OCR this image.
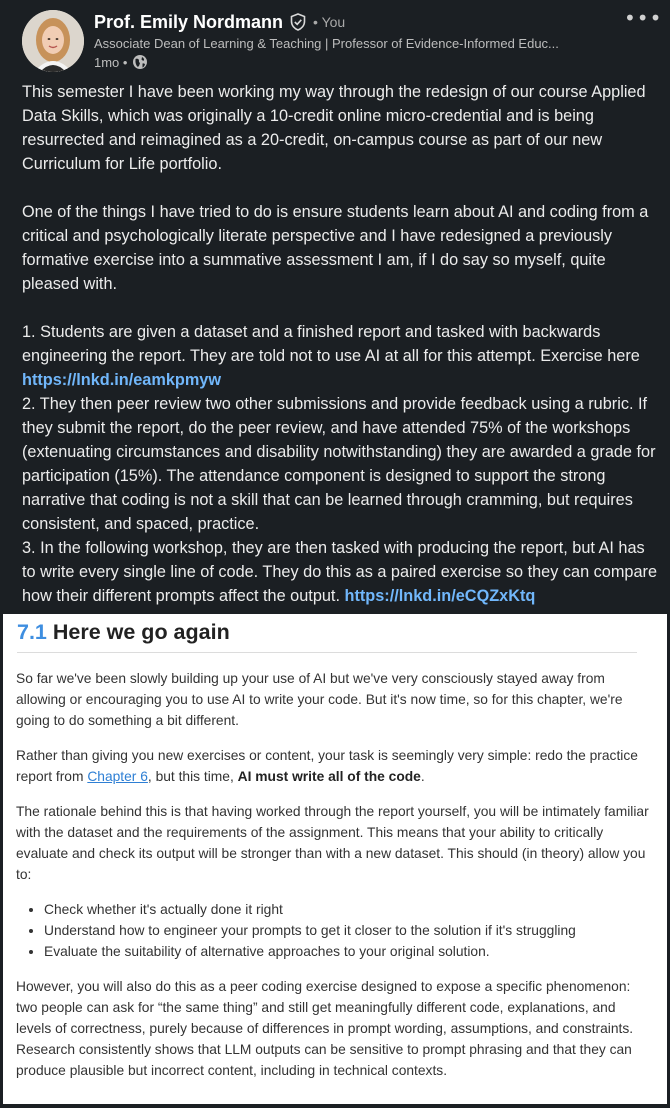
Prof. Emily Nordmann • You
Associate Dean of Learning & Teaching | Professor of Evidence-Informed Educ...
1mo •
•••

This semester I have been working my way through the redesign of our course Applied Data Skills, which was originally a 10-credit online micro-credential and is being resurrected and reimagined as a 20-credit, on-campus course as part of our new Curriculum for Life portfolio.

One of the things I have tried to do is ensure students learn about AI and coding from a critical and psychologically literate perspective and I have redesigned a previously formative exercise into a summative assessment I am, if I do say so myself, quite pleased with.

1. Students are given a dataset and a finished report and tasked with backwards engineering the report. They are told not to use AI at all for this attempt. Exercise here https://lnkd.in/eamkpmyw

2. They then peer review two other submissions and provide feedback using a rubric. If they submit the report, do the peer review, and have attended 75% of the workshops (extenuating circumstances and disability notwithstanding) they are awarded a grade for participation (15%). The attendance component is designed to support the strong narrative that coding is not a skill that can be learned through cramming, but requires consistent, and spaced, practice.

3. In the following workshop, they are then tasked with producing the report, but AI has to write every single line of code. They do this as a paired exercise so they can compare how their different prompts affect the output. https://lnkd.in/eCQZxKtq

7.1 Here we go again

So far we've been slowly building up your use of AI but we've very consciously stayed away from allowing or encouraging you to use AI to write your code. But it's now time, so for this chapter, we're going to do something a bit different.

Rather than giving you new exercises or content, your task is seemingly very simple: redo the practice report from Chapter 6, but this time, AI must write all of the code.

The rationale behind this is that having worked through the report yourself, you will be intimately familiar with the dataset and the requirements of the assignment. This means that your ability to critically evaluate and check its output will be stronger than with a new dataset. This should (in theory) allow you to:

• Check whether it's actually done it right
• Understand how to engineer your prompts to get it closer to the solution if it's struggling
• Evaluate the suitability of alternative approaches to your original solution.

However, you will also do this as a peer coding exercise designed to expose a specific phenomenon: two people can ask for “the same thing” and still get meaningfully different code, explanations, and levels of correctness, purely because of differences in prompt wording, assumptions, and constraints. Research consistently shows that LLM outputs can be sensitive to prompt phrasing and that they can produce plausible but incorrect content, including in technical contexts.
